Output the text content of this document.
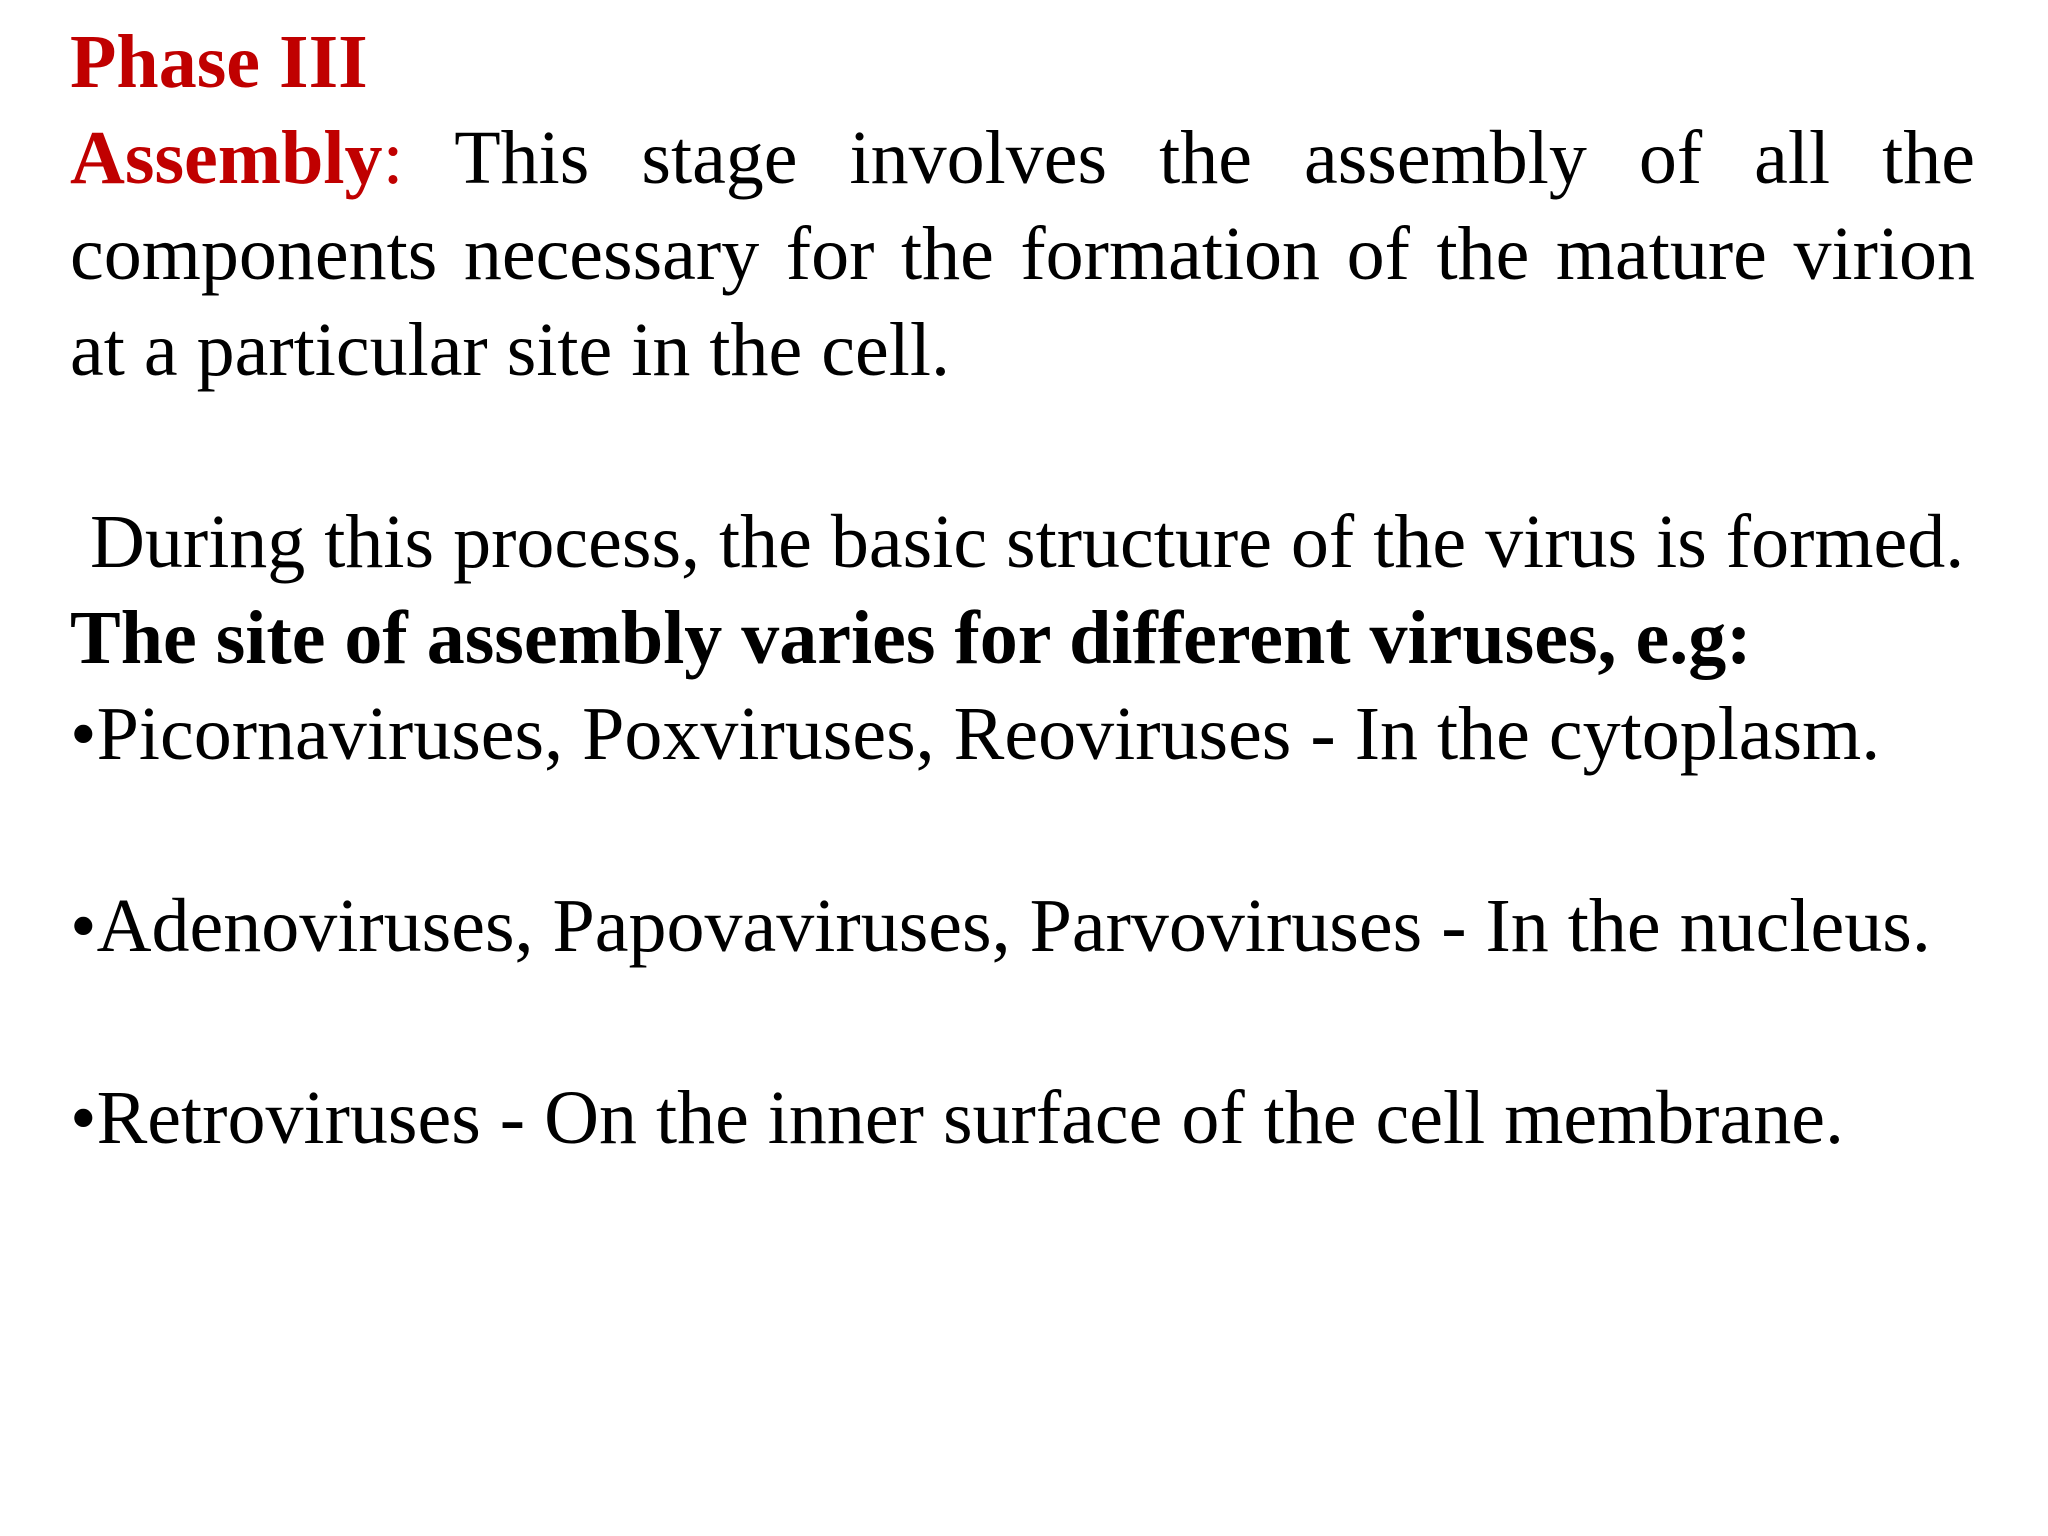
Phase III

Assembly: This stage involves the assembly of all the components necessary for the formation of the mature virion at a particular site in the cell.

During this process, the basic structure of the virus is formed.

The site of assembly varies for different viruses, e.g:

•Picornaviruses, Poxviruses, Reoviruses - In the cytoplasm.

•Adenoviruses, Papovaviruses, Parvoviruses - In the nucleus.

•Retroviruses - On the inner surface of the cell membrane.
